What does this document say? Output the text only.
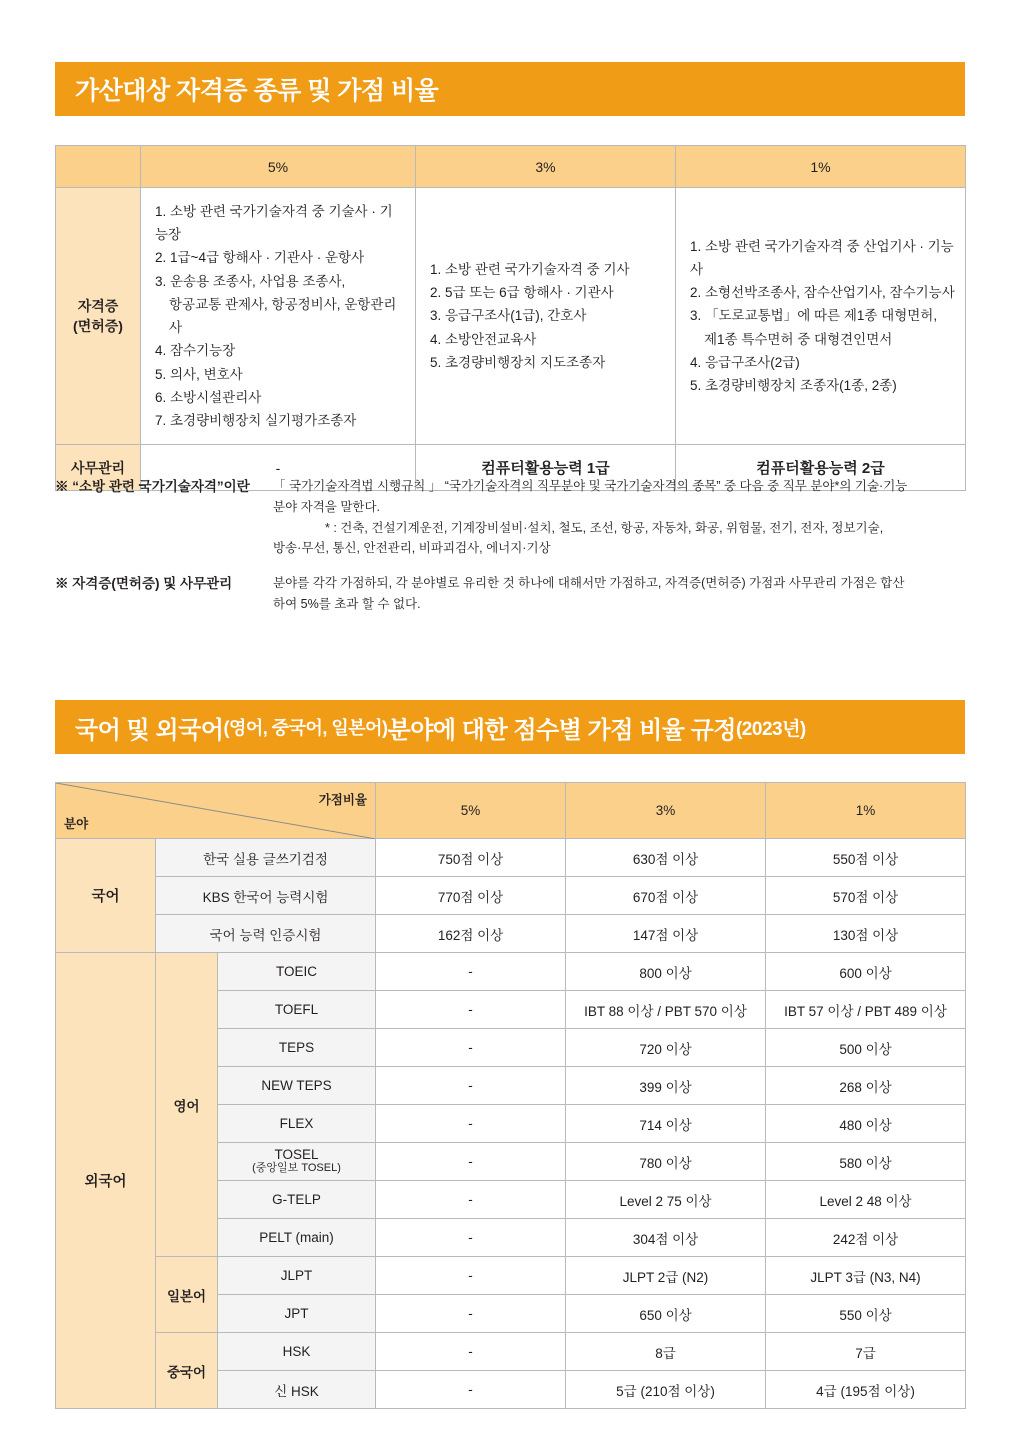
가산대상 자격증 종류 및 가점 비율
	5%	3%	1%
자격증
(면허증)	
1. 소방 관련 국가기술자격 중 기술사 · 기능장
2. 1급~4급 항해사 · 기관사 · 운항사
3. 운송용 조종사, 사업용 조종사,
항공교통 관제사, 항공정비사, 운항관리사
4. 잠수기능장
5. 의사, 변호사
6. 소방시설관리사
7. 초경량비행장치 실기평가조종자

1. 소방 관련 국가기술자격 중 기사
2. 5급 또는 6급 항해사 · 기관사
3. 응급구조사(1급), 간호사
4. 소방안전교육사
5. 초경량비행장치 지도조종자

1. 소방 관련 국가기술자격 중 산업기사 · 기능사
2. 소형선박조종사, 잠수산업기사, 잠수기능사
3. 「도로교통법」에 따른 제1종 대형면허,
제1종 특수면허 중 대형견인면서
4. 응급구조사(2급)
5. 초경량비행장치 조종자(1종, 2종)

사무관리	-	컴퓨터활용능력 1급	컴퓨터활용능력 2급
※ “소방 관련 국가기술자격”이란	「 국가기술자격법 시행규칙 」 “국가기술자격의 직무분야 및 국가기술자격의 종목” 중 다음 중 직무 분야*의 기술·기능
분야 자격을 말한다.

* : 건축, 건설기계운전, 기계장비설비·설치, 철도, 조선, 항공, 자동차, 화공, 위험물, 전기, 전자, 정보기술,
방송·무선, 통신, 안전관리, 비파괴검사, 에너지·기상
※ 자격증(면허증) 및 사무관리	분야를 각각 가점하되, 각 분야별로 유리한 것 하나에 대해서만 가점하고, 자격증(면허증) 가점과 사무관리 가점은 합산
하여 5%를 초과 할 수 없다.
국어 및 외국어 (영어, 중국어, 일본어) 분야에 대한 점수별 가점 비율 규정 (2023년)
가점비율
분야			5%	3%	1%
국어	한국 실용 글쓰기검정		750점 이상	630점 이상	550점 이상
	KBS 한국어 능력시험		770점 이상	670점 이상	570점 이상
	국어 능력 인증시험		162점 이상	147점 이상	130점 이상
외국어	영어	TOEIC	-	800 이상	600 이상
		TOEFL	-	IBT 88 이상 / PBT 570 이상	IBT 57 이상 / PBT 489 이상
		TEPS	-	720 이상	500 이상
		NEW TEPS	-	399 이상	268 이상
		FLEX	-	714 이상	480 이상
		TOSEL
(중앙일보 TOSEL)	-	780 이상	580 이상
		G-TELP	-	Level 2 75 이상	Level 2 48 이상
		PELT (main)	-	304점 이상	242점 이상
	일본어	JLPT	-	JLPT 2급 (N2)	JLPT 3급 (N3, N4)
		JPT	-	650 이상	550 이상
	중국어	HSK	-	8급	7급
		신 HSK	-	5급 (210점 이상)	4급 (195점 이상)
